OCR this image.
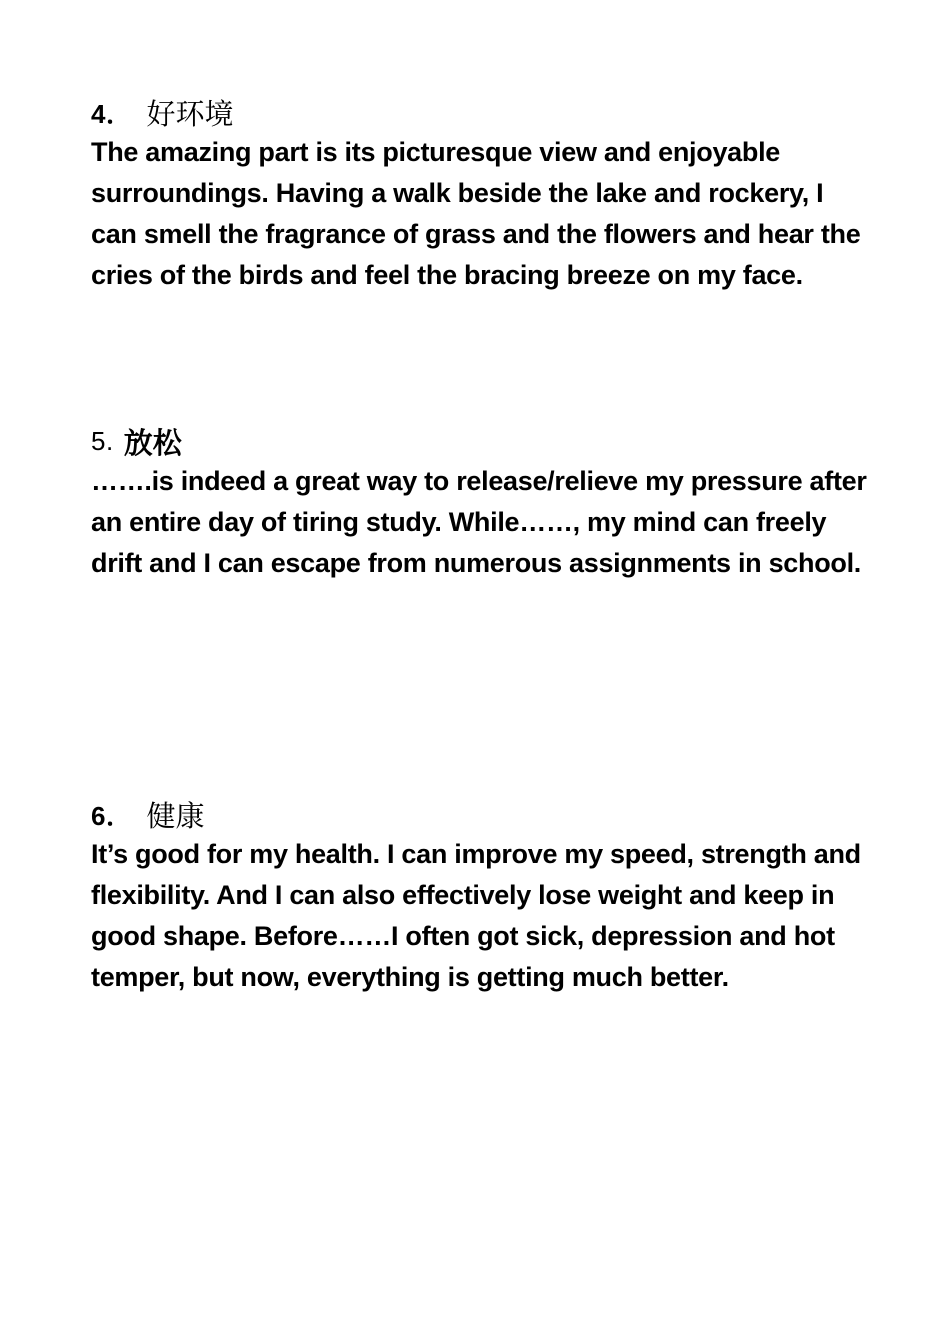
4． 好环境

The amazing part is its picturesque view and enjoyable surroundings. Having a walk beside the lake and rockery, I can smell the fragrance of grass and the flowers and hear the cries of the birds and feel the bracing breeze on my face.

5. 放松

…….is indeed a great way to release/relieve my pressure after an entire day of tiring study. While……, my mind can freely drift and I can escape from numerous assignments in school.

6． 健康

It’s good for my health. I can improve my speed, strength and flexibility. And I can also effectively lose weight and keep in good shape. Before……I often got sick, depression and hot temper, but now, everything is getting much better.
